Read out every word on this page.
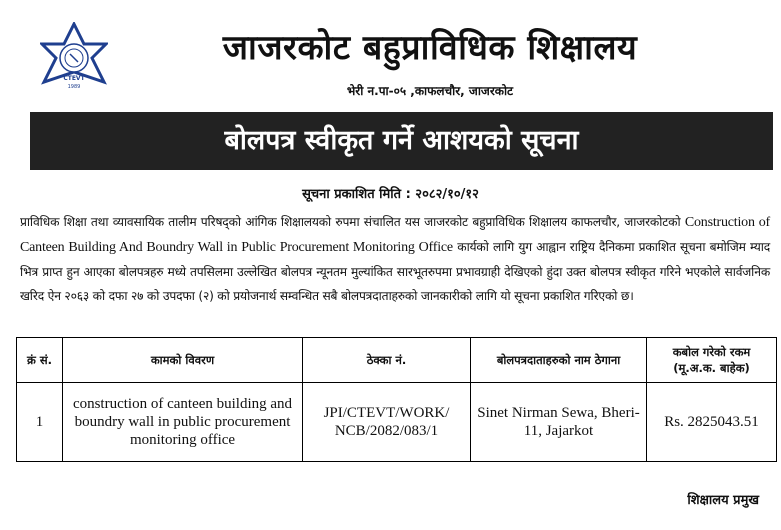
CTEVT
1989
जाजरकोट बहुप्राविधिक शिक्षालय
भेरी न.पा-०५ ,काफलचौर, जाजरकोट
बोलपत्र स्वीकृत गर्ने आशयको सूचना
सूचना प्रकाशित मिति : २०८२/१०/१२
प्राविधिक शिक्षा तथा व्यावसायिक तालीम परिषद्को आंगिक शिक्षालयको रुपमा संचालित यस जाजरकोट बहुप्राविधिक शिक्षालय काफलचौर, जाजरकोटको Construction of Canteen Building And Boundry Wall in Public Procurement Monitoring Office कार्यको लागि युग आह्वान राष्ट्रिय दैनिकमा प्रकाशित सूचना बमोजिम म्याद भित्र प्राप्त हुन आएका बोलपत्रहरु मध्ये तपसिलमा उल्लेखित बोलपत्र न्यूनतम मुल्यांकित सारभूतरुपमा प्रभावग्राही देखिएको हुंदा उक्त बोलपत्र स्वीकृत गरिने भएकोले सार्वजनिक खरिद ऐन २०६३ को दफा २७ को उपदफा (२) को प्रयोजनार्थ सम्वन्धित सबै बोलपत्रदाताहरुको जानकारीको लागि यो सूचना प्रकाशित गरिएको छ।
क्रं सं.	कामको विवरण	ठेक्का नं.	बोलपत्रदाताहरुको नाम ठेगाना	कबोल गरेको रकम
(मू.अ.क. बाहेक)

1	construction of canteen building and boundry wall in public procurement monitoring office	JPI/CTEVT/WORK/ NCB/2082/083/1	Sinet Nirman Sewa, Bheri-11, Jajarkot	Rs. 2825043.51
शिक्षालय प्रमुख
